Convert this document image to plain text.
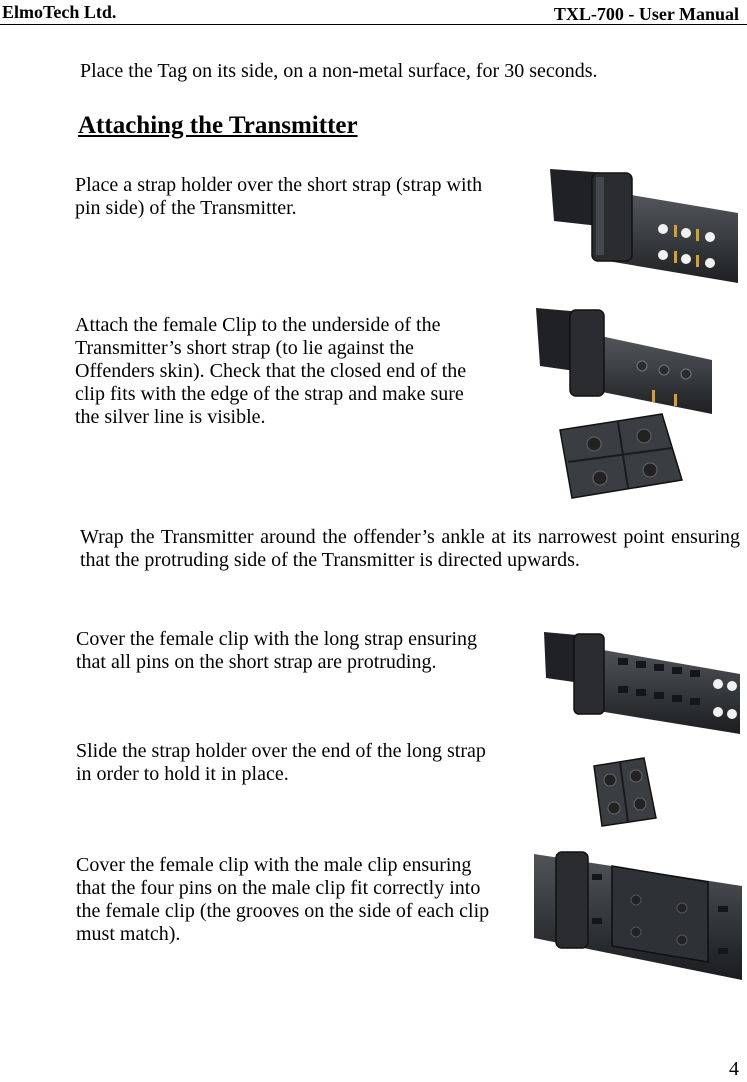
ElmoTech Ltd.	TXL-700 - User Manual
Place the Tag on its side, on a non-metal surface, for 30 seconds.
Attaching the Transmitter
Place a strap holder over the short strap (strap with pin side) of the Transmitter.
Attach the female Clip to the underside of the Transmitter’s short strap (to lie against the Offenders skin). Check that the closed end of the clip fits with the edge of the strap and make sure the silver line is visible.
Wrap the Transmitter around the offender’s ankle at its narrowest point ensuring that the protruding side of the Transmitter is directed upwards.
Cover the female clip with the long strap ensuring that all pins on the short strap are protruding.
Slide the strap holder over the end of the long strap in order to hold it in place.
Cover the female clip with the male clip ensuring that the four pins on the male clip fit correctly into the female clip (the grooves on the side of each clip must match).
4
